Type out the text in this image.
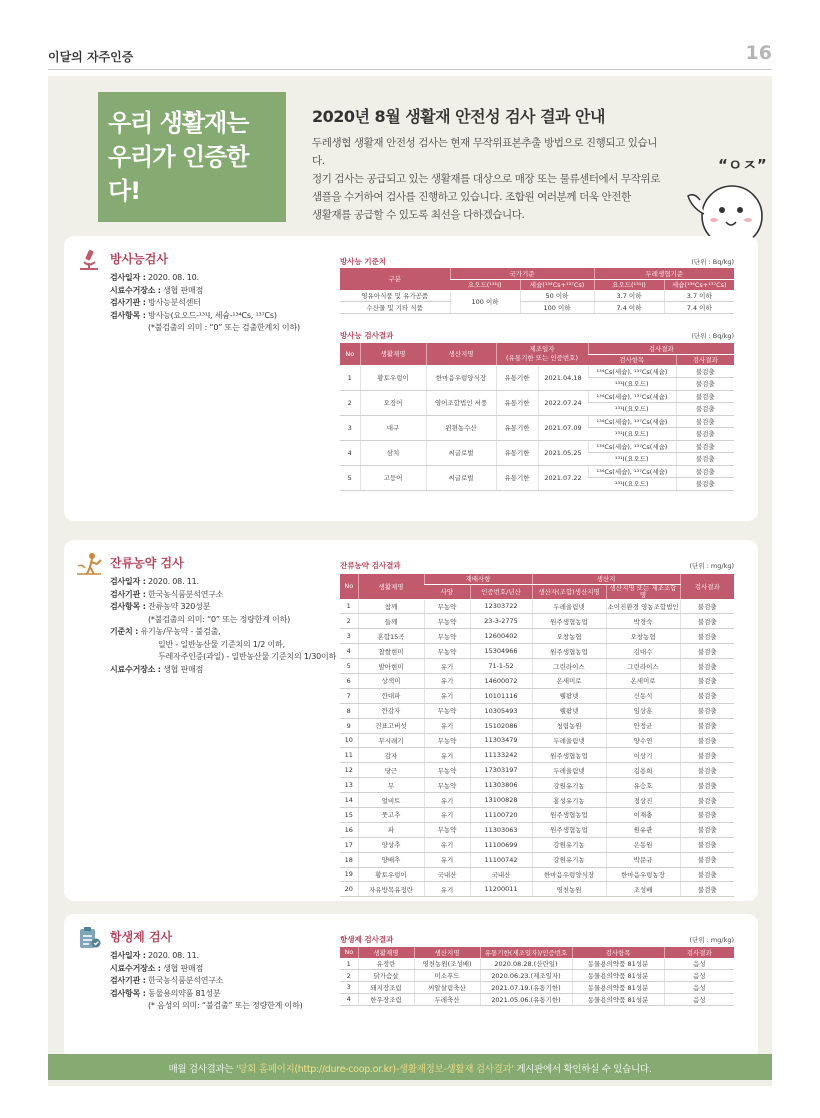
이달의 자주인증	16
우리 생활재는
우리가 인증한다!
2020년 8월 생활재 안전성 검사 결과 안내
두레생협 생활재 안전성 검사는 현재 무작위표본추출 방법으로 진행되고 있습니다.
정기 검사는 공급되고 있는 생활재를 대상으로 매장 또는 물류센터에서 무작위로
샘플을 수거하여 검사를 진행하고 있습니다. 조합원 여러분께 더욱 안전한
생활재를 공급할 수 있도록 최선을 다하겠습니다.
“ㅇㅈ”
방사능검사
검사일자 : 2020. 08. 10.
시료수거장소 : 생협 판매점
검사기관 : 방사능분석센터
검사항목 : 방사능(요오드-¹³¹I, 세슘-¹³⁴Cs, ¹³⁷Cs)
(*불검출의 의미 : “0” 또는 검출한계치 이하)
방사능 기준치	(단위 : Bq/kg)
구분	국가기준		두레생협기준	
	요오드(¹³¹I)	세슘(¹³⁴Cs+¹³⁷Cs)	요오드(¹³¹I)	세슘(¹³⁴Cs+¹³⁷Cs)
영유아식품 및 유가공품	100 이하	50 이하	3.7 이하	3.7 이하
수산물 및 기타 식품		100 이하	7.4 이하	7.4 이하
방사능 검사결과	(단위 : Bq/kg)
No	생활재명	생산지명	제조일자
(유통기한 또는 인증번호)		검사결과	
					검사항목	검사결과
1	황토우렁이	한마음우렁양식장	유통기한	2021.04.18	¹³⁴Cs(세슘), ¹³⁷Cs(세슘)	불검출
					¹³¹I(요오드)	불검출
2	오징어	영어조합법인 서풍	유통기한	2022.07.24	¹³⁴Cs(세슘), ¹³⁷Cs(세슘)	불검출
					¹³¹I(요오드)	불검출
3	대구	윈윈농수산	유통기한	2021.07.09	¹³⁴Cs(세슘), ¹³⁷Cs(세슘)	불검출
					¹³¹I(요오드)	불검출
4	삼치	씨글로벌	유통기한	2021.05.25	¹³⁴Cs(세슘), ¹³⁷Cs(세슘)	불검출
					¹³¹I(요오드)	불검출
5	고등어	씨글로벌	유통기한	2021.07.22	¹³⁴Cs(세슘), ¹³⁷Cs(세슘)	불검출
					¹³¹I(요오드)	불검출
잔류농약 검사
검사일자 : 2020. 08. 11.
검사기관 : 한국농식품분석연구소
검사항목 : 잔류농약 320성분
(*불검출의 의미: “0” 또는 정량한계 이하)
기준치 : 유기농/무농약 - 불검출,
일반 - 일반농산물 기준치의 1/2 이하,
두레자주인증(과일) - 일반농산물 기준치의 1/30이하
시료수거장소 : 생협 판매점
잔류농약 검사결과	(단위 : mg/kg)
No	생활재명	재배사항		생산지		검사결과
		사양	인증번호/년산	생산자(조합)생산지명	생산지명 또는 제조조합명	
1	참깨	무농약	12303722	두레울림넷	소이진환경 영농조합법인	불검출
2	들깨	무농약	23-3-2775	원주생협농업	박경숙	불검출
3	혼합15곡	무농약	12600402	오창농협	오창농협	불검출
4	찹쌀현미	무농약	15304966	원주생협농업	김대수	불검출
5	발아현미	유기	71-1-52	그린라이스	그린라이스	불검출
6	상색미	유기	14600072	온새미로	온새미로	불검출
7	깐대파	유기	10101116	웰팜넷	신동식	불검출
8	깐감자	무농약	10305493	웰팜넷	임상훈	불검출
9	건표고버섯	유기	15102086	청림농원	안정균	불검출
10	무시래기	무농약	11303479	두레울림넷	양수연	불검출
11	감자	유기	11133242	원주생협농업	이상기	불검출
12	당근	무농약	17303197	두레울림넷	김용희	불검출
13	무	무농약	11303806	강원유기농	유승호	불검출
14	얼비트	유기	13100828	홍성유기농	정상진	불검출
15	풋고추	유기	11100720	원주생협농업	이재충	불검출
16	파	무농약	11303063	원주생협농업	원유관	불검출
17	양상추	유기	11100699	강원유기농	은동원	불검출
18	양배추	유기	11100742	강원유기농	박문규	불검출
19	황토우렁이	국내산	국내산	한마음우렁양식장	한마음우렁농장	불검출
20	자유방목유정란	유기	11200011	영천농원	조성배	불검출
항생제 검사
검사일자 : 2020. 08. 11.
시료수거장소 : 생협 판매점
검사기관 : 한국농식품분석연구소
검사항목 : 동물용의약품 81성분
(* 음성의 의미: “불검출” 또는 정량한계 이하)
항생제 검사결과	(단위 : mg/kg)
No	생활재명	생산지명	유통기한(제조일자)/인증번호	검사항목	검사결과
1	유정란	영천농원(조성배)	2020.08.28.(산란일)	동물용의약품 81성분	음성
2	닭가슴살	미소푸드	2020.06.23.(제조일자)	동물용의약품 81성분	음성
3	돼지장조림	씨알살림축산	2021.07.19.(유통기한)	동물용의약품 81성분	음성
4	한우장조림	두레축산	2021.05.06.(유통기한)	동물용의약품 81성분	음성
매월 검사결과는 '당회 홈페이지(http://dure-coop.or.kr)-생활재정보-생활재 검사결과' 게시판에서 확인하실 수 있습니다.
